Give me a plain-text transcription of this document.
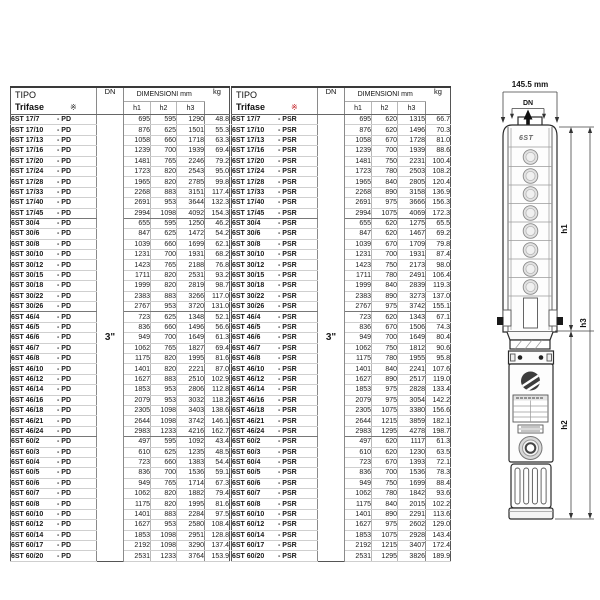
TIPO
Trifase ※	DN	DIMENSIONI mm			kg
		h1	h2	h3	
6ST 17/7 - PD	3"	695	595	1290	48.8
6ST 17/10 - PD		876	625	1501	55.3
6ST 17/13 - PD		1058	660	1718	63.3
6ST 17/16 - PD		1239	700	1939	69.4
6ST 17/20 - PD		1481	765	2246	79.2
6ST 17/24 - PD		1723	820	2543	95.0
6ST 17/28 - PD		1965	820	2785	99.8
6ST 17/33 - PD		2268	883	3151	117.4
6ST 17/40 - PD		2691	953	3644	132.3
6ST 17/45 - PD		2994	1098	4092	154.3
6ST 30/4 - PD		655	595	1250	46.2
6ST 30/6 - PD		847	625	1472	54.2
6ST 30/8 - PD		1039	660	1699	62.1
6ST 30/10 - PD		1231	700	1931	68.2
6ST 30/12 - PD		1423	765	2188	76.8
6ST 30/15 - PD		1711	820	2531	93.2
6ST 30/18 - PD		1999	820	2819	98.7
6ST 30/22 - PD		2383	883	3266	117.0
6ST 30/26 - PD		2767	953	3720	131.0
6ST 46/4 - PD		723	625	1348	52.1
6ST 46/5 - PD		836	660	1496	56.6
6ST 46/6 - PD		949	700	1649	61.3
6ST 46/7 - PD		1062	765	1827	69.4
6ST 46/8 - PD		1175	820	1995	81.6
6ST 46/10 - PD		1401	820	2221	87.0
6ST 46/12 - PD		1627	883	2510	102.9
6ST 46/14 - PD		1853	953	2806	112.8
6ST 46/16 - PD		2079	953	3032	118.2
6ST 46/18 - PD		2305	1098	3403	138.6
6ST 46/21 - PD		2644	1098	3742	146.1
6ST 46/24 - PD		2983	1233	4216	162.7
6ST 60/2 - PD		497	595	1092	43.4
6ST 60/3 - PD		610	625	1235	48.5
6ST 60/4 - PD		723	660	1383	54.4
6ST 60/5 - PD		836	700	1536	59.1
6ST 60/6 - PD		949	765	1714	67.3
6ST 60/7 - PD		1062	820	1882	79.4
6ST 60/8 - PD		1175	820	1995	81.6
6ST 60/10 - PD		1401	883	2284	97.5
6ST 60/12 - PD		1627	953	2580	108.4
6ST 60/14 - PD		1853	1098	2951	128.8
6ST 60/17 - PD		2192	1098	3290	137.4
6ST 60/20 - PD		2531	1233	3764	153.9
TIPO
Trifase ※	DN	DIMENSIONI mm			kg
		h1	h2	h3	
6ST 17/7 - PSR	3"	695	620	1315	66.7
6ST 17/10 - PSR		876	620	1496	70.3
6ST 17/13 - PSR		1058	670	1728	81.0
6ST 17/16 - PSR		1239	700	1939	88.6
6ST 17/20 - PSR		1481	750	2231	100.4
6ST 17/24 - PSR		1723	780	2503	108.2
6ST 17/28 - PSR		1965	840	2805	120.4
6ST 17/33 - PSR		2268	890	3158	136.9
6ST 17/40 - PSR		2691	975	3666	156.3
6ST 17/45 - PSR		2994	1075	4069	172.3
6ST 30/4 - PSR		655	620	1275	65.5
6ST 30/6 - PSR		847	620	1467	69.2
6ST 30/8 - PSR		1039	670	1709	79.8
6ST 30/10 - PSR		1231	700	1931	87.4
6ST 30/12 - PSR		1423	750	2173	98.0
6ST 30/15 - PSR		1711	780	2491	106.4
6ST 30/18 - PSR		1999	840	2839	119.3
6ST 30/22 - PSR		2383	890	3273	137.0
6ST 30/26 - PSR		2767	975	3742	155.1
6ST 46/4 - PSR		723	620	1343	67.1
6ST 46/5 - PSR		836	670	1506	74.3
6ST 46/6 - PSR		949	700	1649	80.4
6ST 46/7 - PSR		1062	750	1812	90.6
6ST 46/8 - PSR		1175	780	1955	95.8
6ST 46/10 - PSR		1401	840	2241	107.6
6ST 46/12 - PSR		1627	890	2517	119.0
6ST 46/14 - PSR		1853	975	2828	133.4
6ST 46/16 - PSR		2079	975	3054	142.2
6ST 46/18 - PSR		2305	1075	3380	156.6
6ST 46/21 - PSR		2644	1215	3859	182.1
6ST 46/24 - PSR		2983	1295	4278	198.7
6ST 60/2 - PSR		497	620	1117	61.3
6ST 60/3 - PSR		610	620	1230	63.5
6ST 60/4 - PSR		723	670	1393	72.1
6ST 60/5 - PSR		836	700	1536	78.3
6ST 60/6 - PSR		949	750	1699	88.4
6ST 60/7 - PSR		1062	780	1842	93.6
6ST 60/8 - PSR		1175	840	2015	102.2
6ST 60/10 - PSR		1401	890	2291	113.6
6ST 60/12 - PSR		1627	975	2602	129.0
6ST 60/14 - PSR		1853	1075	2928	143.4
6ST 60/17 - PSR		2192	1215	3407	172.4
6ST 60/20 - PSR		2531	1295	3826	189.9
145.5 mm
DN
6ST
h1
h2
h3
